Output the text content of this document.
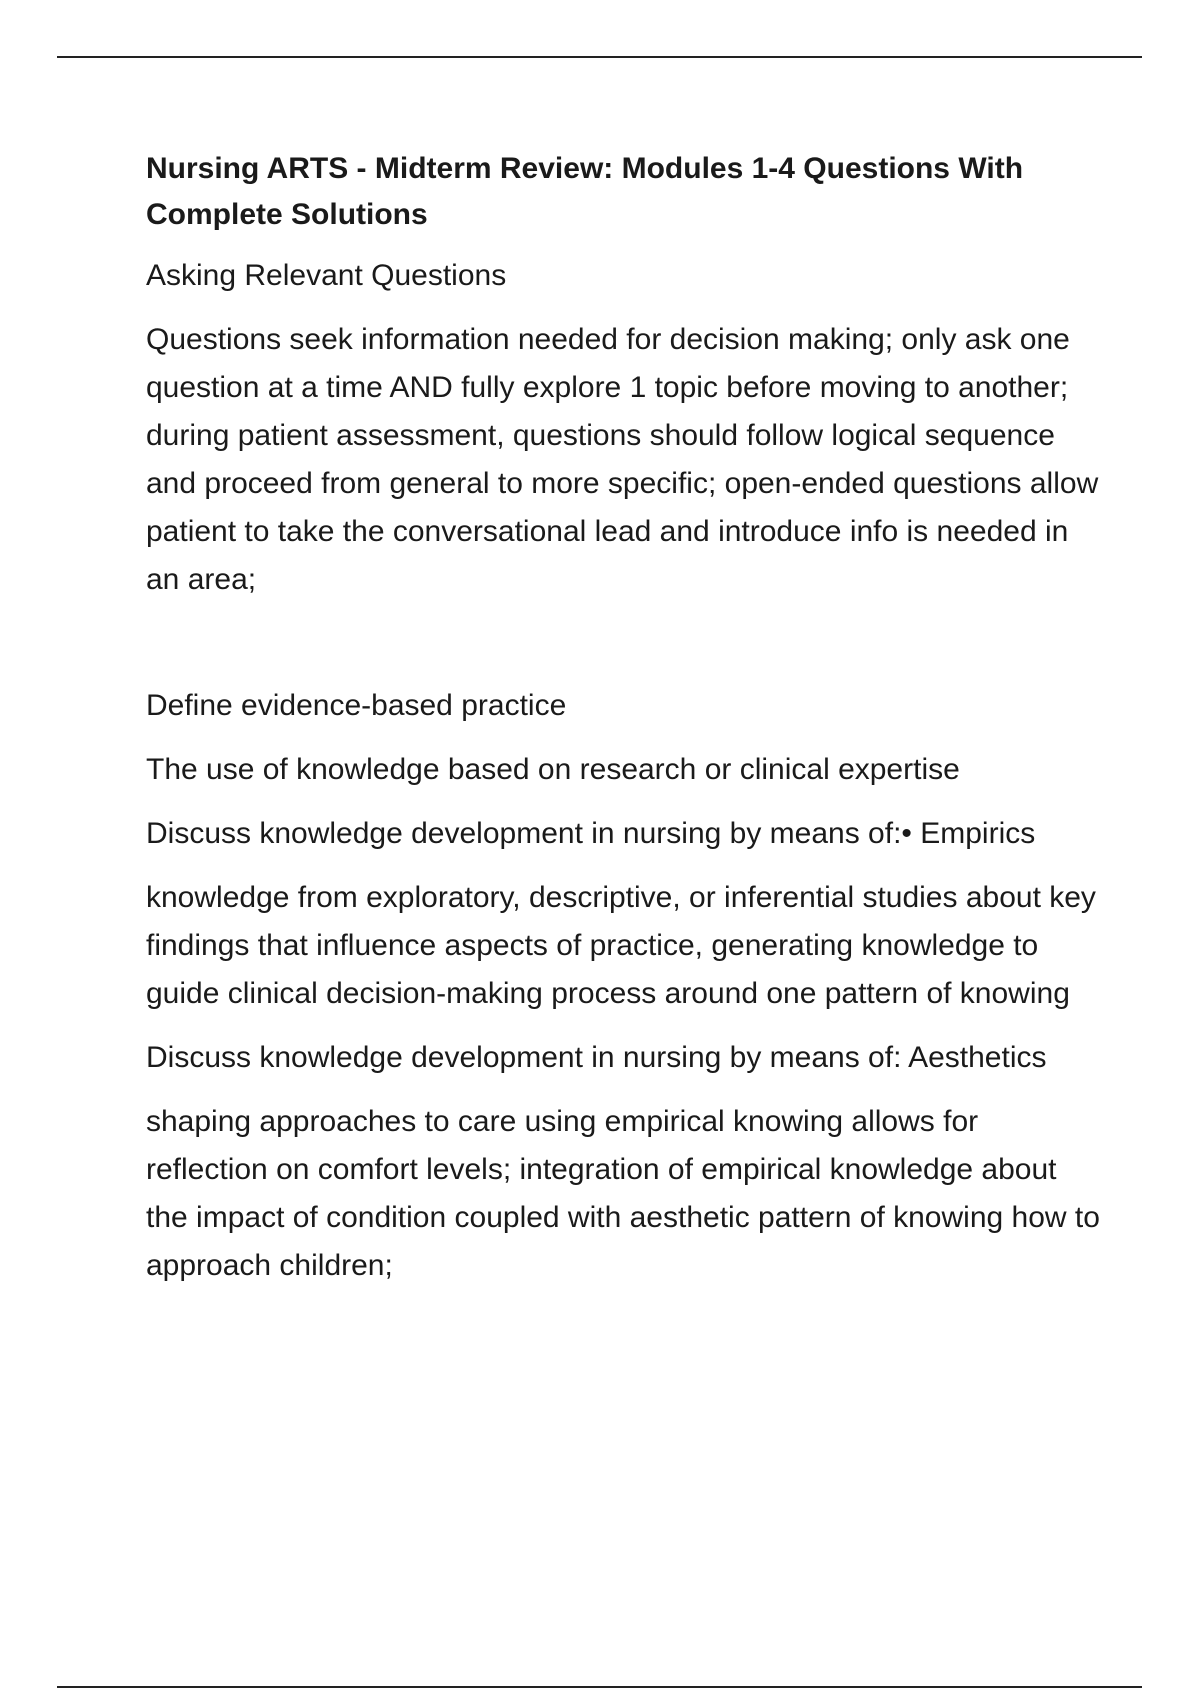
Nursing ARTS - Midterm Review: Modules 1-4 Questions With Complete Solutions
Asking Relevant Questions
Questions seek information needed for decision making; only ask one question at a time AND fully explore 1 topic before moving to another; during patient assessment, questions should follow logical sequence and proceed from general to more specific; open-ended questions allow patient to take the conversational lead and introduce info is needed in an area;
Define evidence-based practice
The use of knowledge based on research or clinical expertise
Discuss knowledge development in nursing by means of:• Empirics
knowledge from exploratory, descriptive, or inferential studies about key findings that influence aspects of practice, generating knowledge to guide clinical decision-making process around one pattern of knowing
Discuss knowledge development in nursing by means of: Aesthetics
shaping approaches to care using empirical knowing allows for reflection on comfort levels; integration of empirical knowledge about the impact of condition coupled with aesthetic pattern of knowing how to approach children;
